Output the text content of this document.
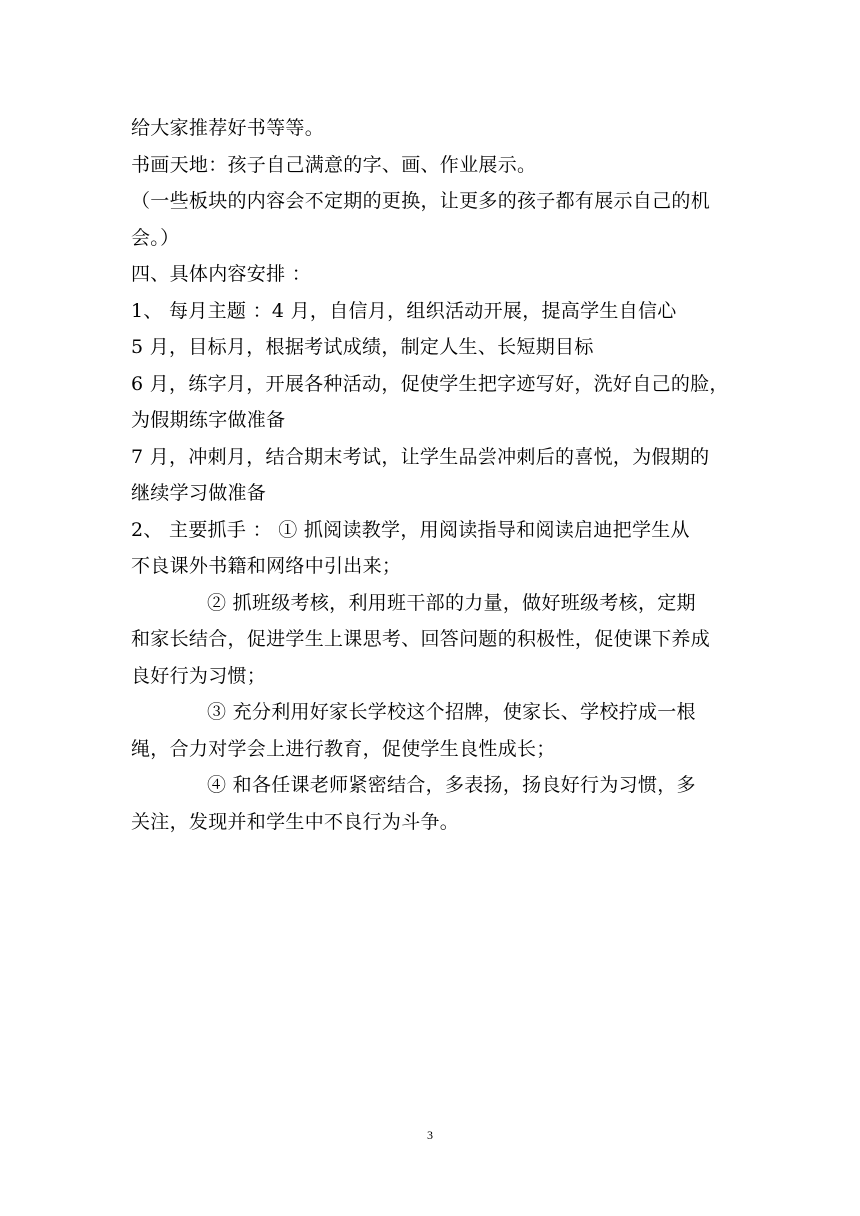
给大家推荐好书等等。
书画天地：孩子自己满意的字、画、作业展示。
（一些板块的内容会不定期的更换，让更多的孩子都有展示自己的机
会。）
四、具体内容安排 ：
1、 每月主题 ：4 月，自信月，组织活动开展，提高学生自信心
5 月，目标月，根据考试成绩，制定人生、长短期目标
6 月，练字月，开展各种活动，促使学生把字迹写好，洗好自己的脸，
为假期练字做准备
7 月，冲刺月，结合期末考试，让学生品尝冲刺后的喜悦，为假期的
继续学习做准备
2、 主要抓手 ： ① 抓阅读教学，用阅读指导和阅读启迪把学生从
不良课外书籍和网络中引出来；
② 抓班级考核，利用班干部的力量，做好班级考核，定期
和家长结合，促进学生上课思考、回答问题的积极性，促使课下养成
良好行为习惯；
③ 充分利用好家长学校这个招牌，使家长、学校拧成一根
绳，合力对学会上进行教育，促使学生良性成长；
④ 和各任课老师紧密结合，多表扬，扬良好行为习惯，多
关注，发现并和学生中不良行为斗争。
3
